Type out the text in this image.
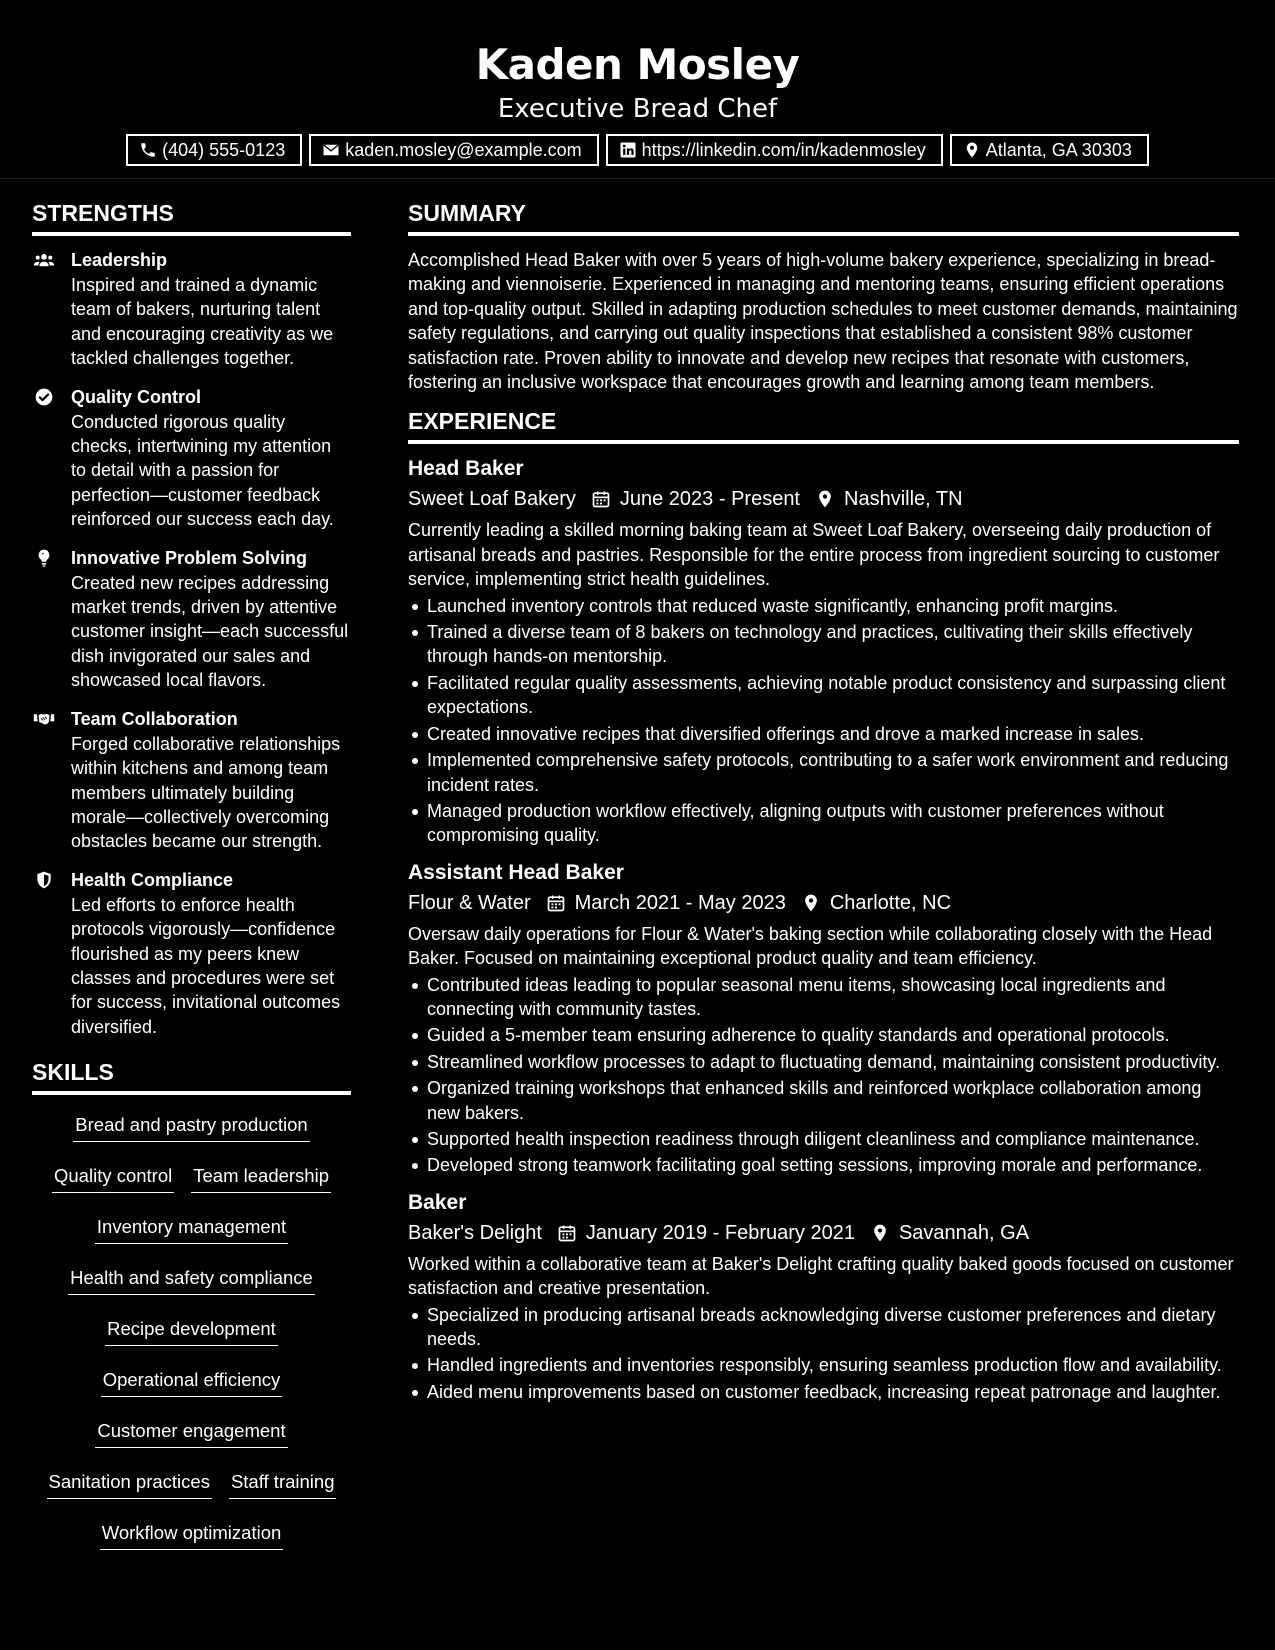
Kaden Mosley
Executive Bread Chef
(404) 555-0123	kaden.mosley@example.com	https://linkedin.com/in/kadenmosley	Atlanta, GA 30303
STRENGTHS
Leadership
Inspired and trained a dynamic team of bakers, nurturing talent and encouraging creativity as we tackled challenges together.
Quality Control
Conducted rigorous quality checks, intertwining my attention to detail with a passion for perfection—customer feedback reinforced our success each day.
Innovative Problem Solving
Created new recipes addressing market trends, driven by attentive customer insight—each successful dish invigorated our sales and showcased local flavors.
Team Collaboration
Forged collaborative relationships within kitchens and among team members ultimately building morale—collectively overcoming obstacles became our strength.
Health Compliance
Led efforts to enforce health protocols vigorously—confidence flourished as my peers knew classes and procedures were set for success, invitational outcomes diversified.
SKILLS
Bread and pastry production
Quality control Team leadership
Inventory management
Health and safety compliance
Recipe development
Operational efficiency
Customer engagement
Sanitation practices Staff training
Workflow optimization
SUMMARY

Accomplished Head Baker with over 5 years of high-volume bakery experience, specializing in bread-making and viennoiserie. Experienced in managing and mentoring teams, ensuring efficient operations and top-quality output. Skilled in adapting production schedules to meet customer demands, maintaining safety regulations, and carrying out quality inspections that established a consistent 98% customer satisfaction rate. Proven ability to innovate and develop new recipes that resonate with customers, fostering an inclusive workspace that encourages growth and learning among team members.

EXPERIENCE
Head Baker
Sweet Loaf Bakery June 2023 - Present Nashville, TN
Currently leading a skilled morning baking team at Sweet Loaf Bakery, overseeing daily production of artisanal breads and pastries. Responsible for the entire process from ingredient sourcing to customer service, implementing strict health guidelines.
Launched inventory controls that reduced waste significantly, enhancing profit margins.
Trained a diverse team of 8 bakers on technology and practices, cultivating their skills effectively through hands-on mentorship.
Facilitated regular quality assessments, achieving notable product consistency and surpassing client expectations.
Created innovative recipes that diversified offerings and drove a marked increase in sales.
Implemented comprehensive safety protocols, contributing to a safer work environment and reducing incident rates.
Managed production workflow effectively, aligning outputs with customer preferences without compromising quality.
Assistant Head Baker
Flour & Water March 2021 - May 2023 Charlotte, NC
Oversaw daily operations for Flour & Water's baking section while collaborating closely with the Head Baker. Focused on maintaining exceptional product quality and team efficiency.
Contributed ideas leading to popular seasonal menu items, showcasing local ingredients and connecting with community tastes.
Guided a 5-member team ensuring adherence to quality standards and operational protocols.
Streamlined workflow processes to adapt to fluctuating demand, maintaining consistent productivity.
Organized training workshops that enhanced skills and reinforced workplace collaboration among new bakers.
Supported health inspection readiness through diligent cleanliness and compliance maintenance.
Developed strong teamwork facilitating goal setting sessions, improving morale and performance.
Baker
Baker's Delight January 2019 - February 2021 Savannah, GA
Worked within a collaborative team at Baker's Delight crafting quality baked goods focused on customer satisfaction and creative presentation.
Specialized in producing artisanal breads acknowledging diverse customer preferences and dietary needs.
Handled ingredients and inventories responsibly, ensuring seamless production flow and availability.
Aided menu improvements based on customer feedback, increasing repeat patronage and laughter.
